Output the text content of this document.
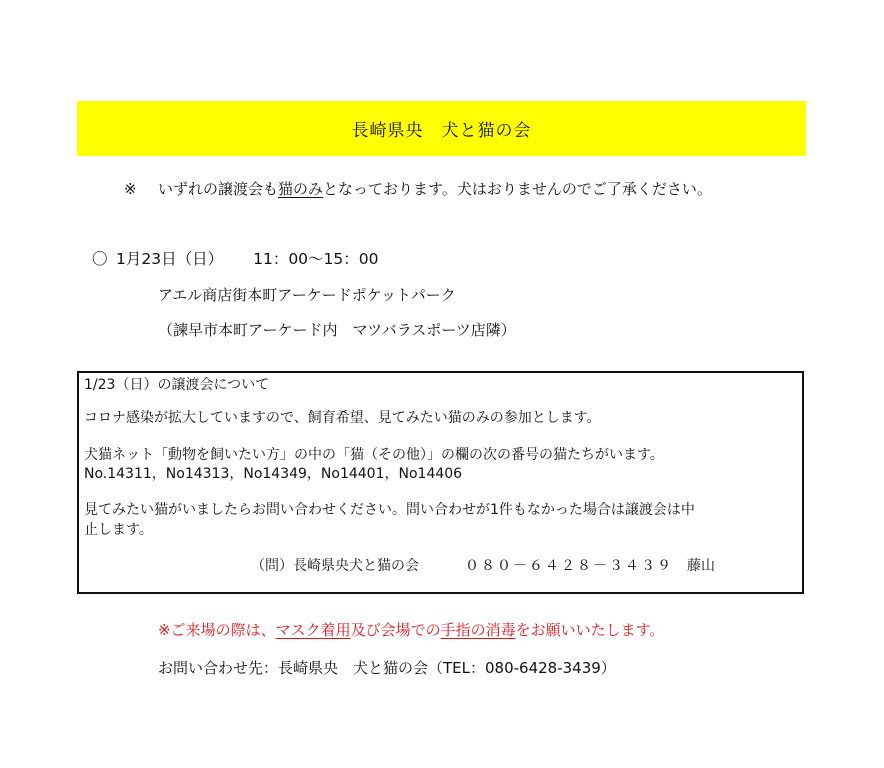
長崎県央　犬と猫の会
※ いずれの譲渡会も猫のみとなっております。犬はおりませんのでご了承ください。
〇 1月23日（日） 11：00～15：00
アエル商店街本町アーケードポケットパーク
（諫早市本町アーケード内　マツバラスポーツ店隣）
1/23（日）の譲渡会について
コロナ感染が拡大していますので、飼育希望、見てみたい猫のみの参加とします。
犬猫ネット「動物を飼いたい方」の中の「猫（その他）」の欄の次の番号の猫たちがいます。
No.14311，No14313，No14349，No14401，No14406
見てみたい猫がいましたらお問い合わせください。問い合わせが1件もなかった場合は譲渡会は中
止します。
（問）長崎県央犬と猫の会	０８０－６４２８－３４３９ 藤山
※ご来場の際は、マスク着用及び会場での手指の消毒をお願いいたします。
お問い合わせ先：長崎県央　犬と猫の会（TEL：080-6428-3439）
